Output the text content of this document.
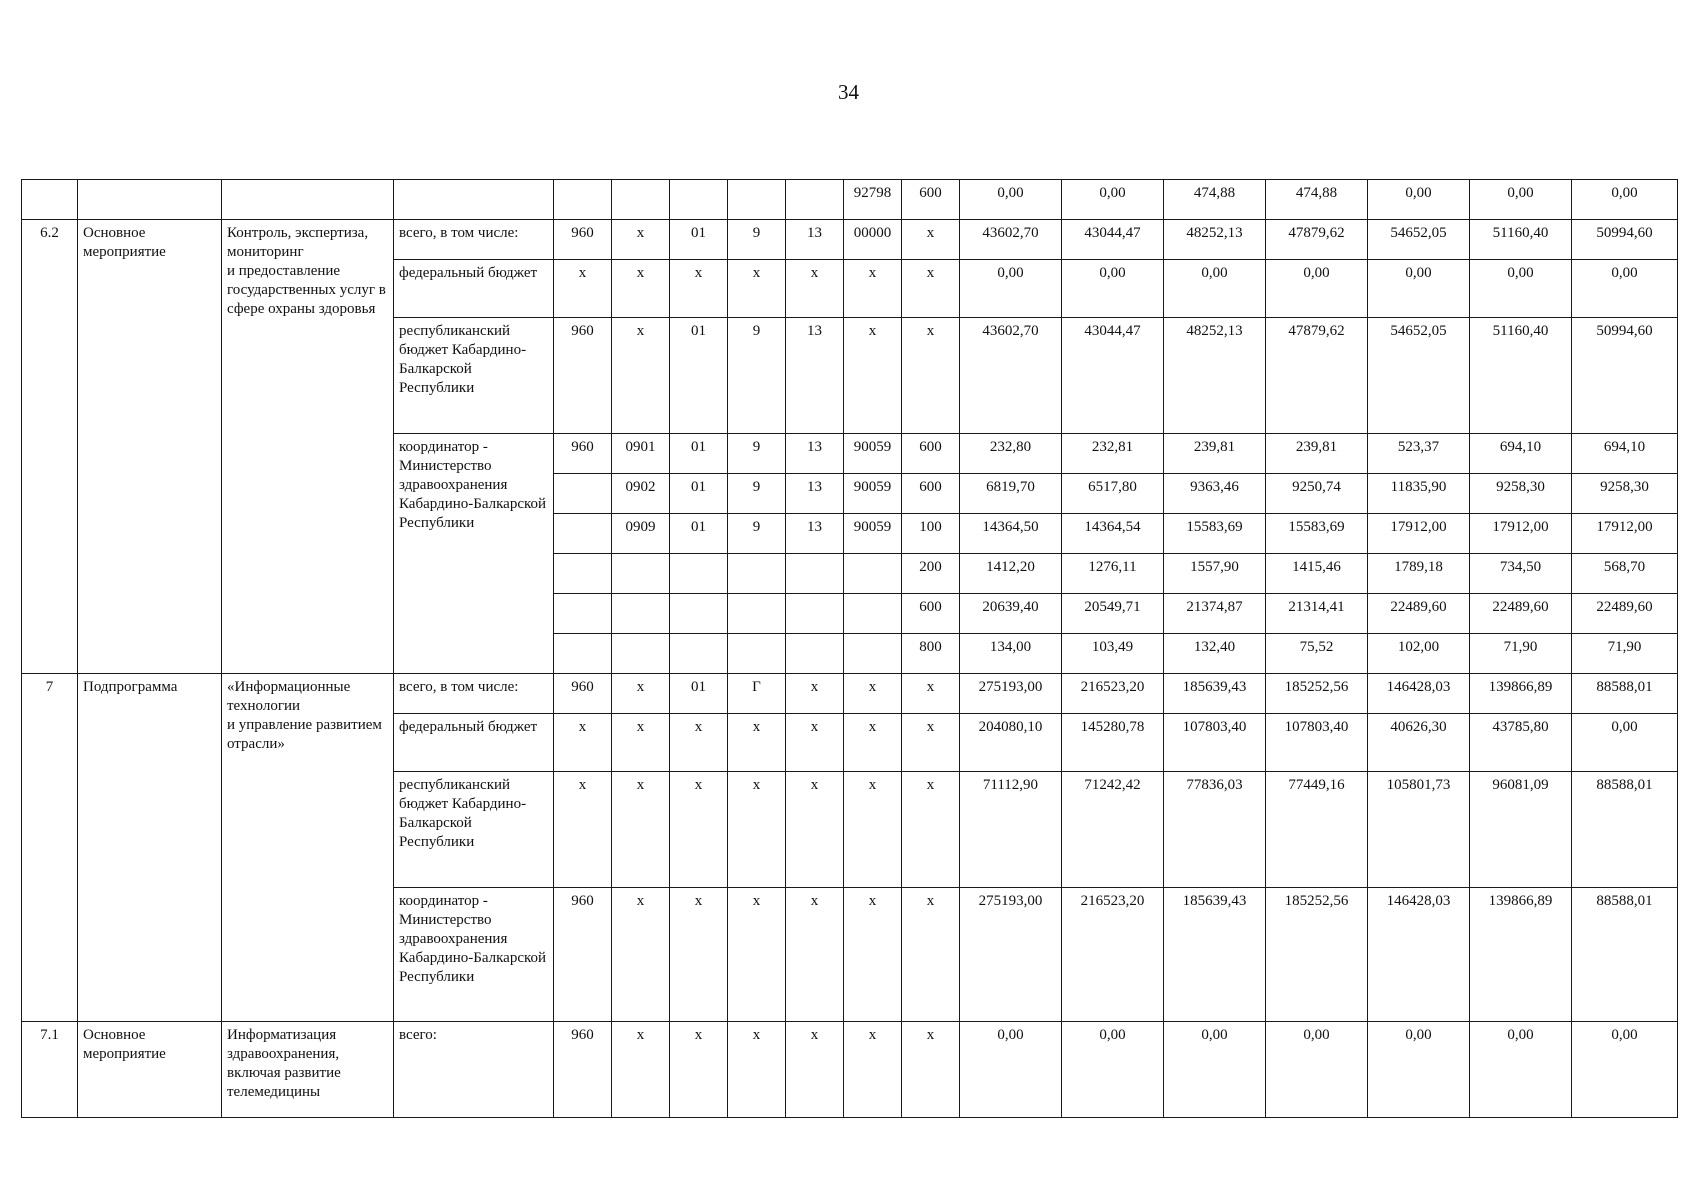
34
									92798	600	0,00	0,00	474,88	474,88	0,00	0,00	0,00
6.2	Основное мероприятие	Контроль, экспертиза, мониторинг
и предоставление государственных услуг в сфере охраны здоровья	всего, в том числе:	960	x	01	9	13	00000	x	43602,70	43044,47	48252,13	47879,62	54652,05	51160,40	50994,60
			федеральный бюджет	x	x	x	x	x	x	x	0,00	0,00	0,00	0,00	0,00	0,00	0,00
			республиканский бюджет Кабардино-Балкарской Республики	960	x	01	9	13	x	x	43602,70	43044,47	48252,13	47879,62	54652,05	51160,40	50994,60
			координатор - Министерство здравоохранения Кабардино-Балкарской Республики	960	0901	01	9	13	90059	600	232,80	232,81	239,81	239,81	523,37	694,10	694,10
					0902	01	9	13	90059	600	6819,70	6517,80	9363,46	9250,74	11835,90	9258,30	9258,30
					0909	01	9	13	90059	100	14364,50	14364,54	15583,69	15583,69	17912,00	17912,00	17912,00
										200	1412,20	1276,11	1557,90	1415,46	1789,18	734,50	568,70
										600	20639,40	20549,71	21374,87	21314,41	22489,60	22489,60	22489,60
										800	134,00	103,49	132,40	75,52	102,00	71,90	71,90
7	Подпрограмма	«Информационные технологии
и управление развитием отрасли»	всего, в том числе:	960	x	01	Г	x	x	x	275193,00	216523,20	185639,43	185252,56	146428,03	139866,89	88588,01
			федеральный бюджет	x	x	x	x	x	x	x	204080,10	145280,78	107803,40	107803,40	40626,30	43785,80	0,00
			республиканский бюджет Кабардино-Балкарской Республики	x	x	x	x	x	x	x	71112,90	71242,42	77836,03	77449,16	105801,73	96081,09	88588,01
			координатор - Министерство здравоохранения Кабардино-Балкарской Республики	960	x	x	x	x	x	x	275193,00	216523,20	185639,43	185252,56	146428,03	139866,89	88588,01
7.1	Основное мероприятие	Информатизация здравоохранения, включая развитие телемедицины	всего:	960	x	x	x	x	x	x	0,00	0,00	0,00	0,00	0,00	0,00	0,00
